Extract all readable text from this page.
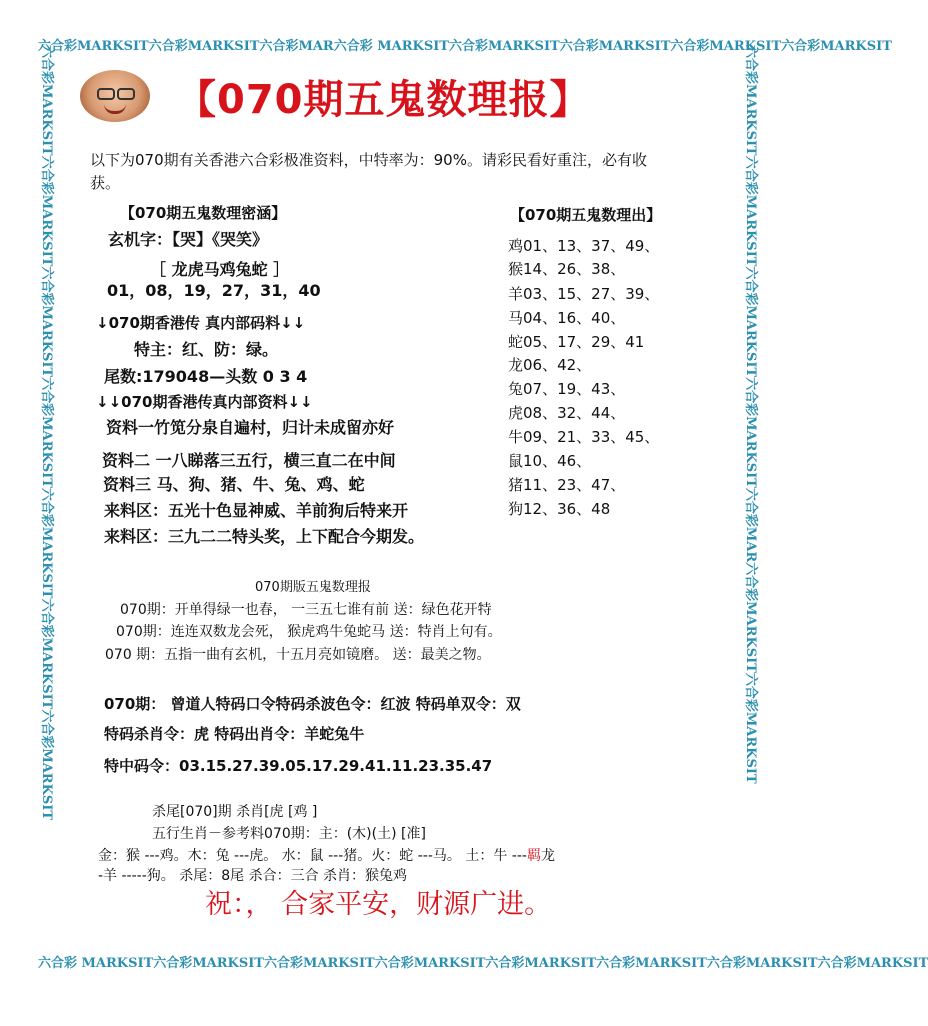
六合彩MARKSIT六合彩MARKSIT六合彩MAR六合彩 MARKSIT六合彩MARKSIT六合彩MARKSIT六合彩MARKSIT六合彩MARKSIT
六合彩 MARKSIT六合彩MARKSIT六合彩MARKSIT六合彩MARKSIT六合彩MARKSIT六合彩MARKSIT六合彩MARKSIT六合彩MARKSIT
六合彩MARKSIT六合彩MARKSIT六合彩MARKSIT六合彩MARKSIT六合彩MARKSIT六合彩MARKSIT六合彩MARKSIT	六合彩MARKSIT六合彩MARKSIT六合彩MARKSIT六合彩MARKSIT六合彩MAR六合彩MARKSIT六合彩MARKSIT
【070期五鬼数理报】
以下为070期有关香港六合彩极准资料，中特率为：90%。请彩民看好重注，必有收
获。
【070期五鬼数理密涵】
玄机字：【哭】《哭笑》
［ 龙虎马鸡兔蛇 ］
01，08，19，27，31，40
↓070期香港传 真内部码料↓↓
特主：红、防：绿。
尾数:179048—头数 0 3 4
↓↓070期香港传真内部资料↓↓
资料一竹笕分泉自遍村，归计未成留亦好
资料二 一八睇落三五行，横三直二在中间
资料三 马、狗、猪、牛、兔、鸡、蛇
来料区：五光十色显神威、羊前狗后特来开
来料区：三九二二特头奖，上下配合今期发。
【070期五鬼数理出】
鸡01、13、37、49、
猴14、26、38、
羊03、15、27、39、
马04、16、40、
蛇05、17、29、41
龙06、42、
兔07、19、43、
虎08、32、44、
牛09、21、33、45、
鼠10、46、
猪11、23、47、
狗12、36、48
070期版五鬼数理报
070期：开单得绿一也春， 一三五七谁有前 送：绿色花开特
070期：连连双数龙会死， 猴虎鸡牛兔蛇马 送：特肖上句有。
070 期：五指一曲有玄机，十五月亮如镜磨。 送：最美之物。
070期： 曾道人特码口令特码杀波色令：红波 特码单双令：双
特码杀肖令：虎 特码出肖令：羊蛇兔牛
特中码令：03.15.27.39.05.17.29.41.11.23.35.47
杀尾[070]期 杀肖[虎 [鸡 ]
五行生肖－参考料070期：主：(木)(土) [准]
金：猴 ---鸡。木：兔 ---虎。 水：鼠 ---猪。火：蛇 ---马。 土：牛 ---羁龙
-羊 -----狗。 杀尾：8尾 杀合：三合 杀肖：猴兔鸡
祝：， 合家平安，财源广进。
